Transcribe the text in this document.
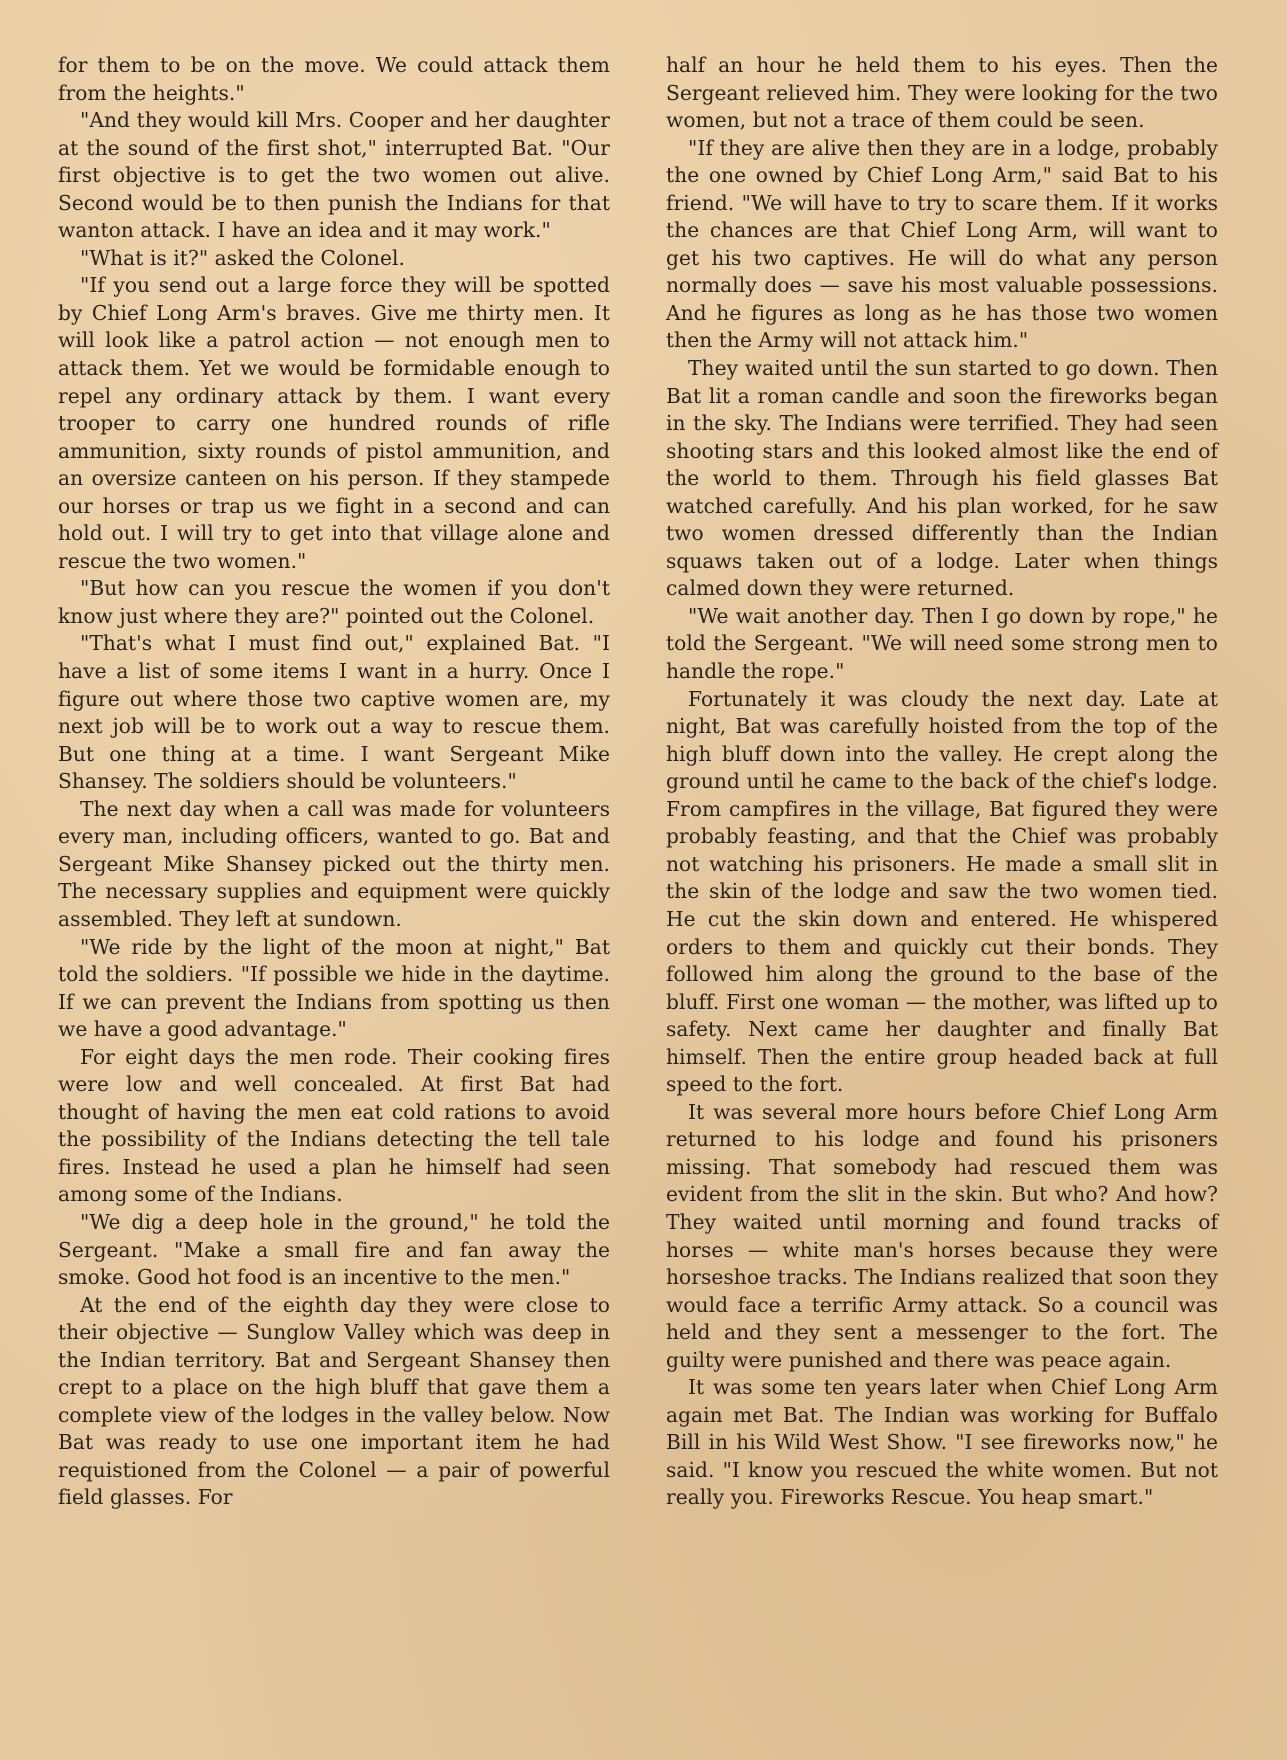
for them to be on the move. We could attack them from the heights."

"And they would kill Mrs. Cooper and her daughter at the sound of the first shot," interrupted Bat. "Our first objective is to get the two women out alive. Second would be to then punish the Indians for that wanton attack. I have an idea and it may work."

"What is it?" asked the Colonel.

"If you send out a large force they will be spotted by Chief Long Arm's braves. Give me thirty men. It will look like a patrol action — not enough men to attack them. Yet we would be formidable enough to repel any ordinary attack by them. I want every trooper to carry one hundred rounds of rifle ammunition, sixty rounds of pistol ammunition, and an oversize canteen on his person. If they stampede our horses or trap us we fight in a second and can hold out. I will try to get into that village alone and rescue the two women."

"But how can you rescue the women if you don't know just where they are?" pointed out the Colonel.

"That's what I must find out," explained Bat. "I have a list of some items I want in a hurry. Once I figure out where those two captive women are, my next job will be to work out a way to rescue them. But one thing at a time. I want Sergeant Mike Shansey. The soldiers should be volunteers."

The next day when a call was made for volunteers every man, including officers, wanted to go. Bat and Sergeant Mike Shansey picked out the thirty men. The necessary supplies and equipment were quickly assembled. They left at sundown.

"We ride by the light of the moon at night," Bat told the soldiers. "If possible we hide in the daytime. If we can prevent the Indians from spotting us then we have a good advantage."

For eight days the men rode. Their cooking fires were low and well concealed. At first Bat had thought of having the men eat cold rations to avoid the possibility of the Indians detecting the tell tale fires. Instead he used a plan he himself had seen among some of the Indians.

"We dig a deep hole in the ground," he told the Sergeant. "Make a small fire and fan away the smoke. Good hot food is an incentive to the men."

At the end of the eighth day they were close to their objective — Sunglow Valley which was deep in the Indian territory. Bat and Sergeant Shansey then crept to a place on the high bluff that gave them a complete view of the lodges in the valley below. Now Bat was ready to use one important item he had requistioned from the Colonel — a pair of powerful field glasses. For

half an hour he held them to his eyes. Then the Sergeant relieved him. They were looking for the two women, but not a trace of them could be seen.

"If they are alive then they are in a lodge, probably the one owned by Chief Long Arm," said Bat to his friend. "We will have to try to scare them. If it works the chances are that Chief Long Arm, will want to get his two captives. He will do what any person normally does — save his most valuable possessions. And he figures as long as he has those two women then the Army will not attack him."

They waited until the sun started to go down. Then Bat lit a roman candle and soon the fireworks began in the sky. The Indians were terrified. They had seen shooting stars and this looked almost like the end of the world to them. Through his field glasses Bat watched carefully. And his plan worked, for he saw two women dressed differently than the Indian squaws taken out of a lodge. Later when things calmed down they were returned.

"We wait another day. Then I go down by rope," he told the Sergeant. "We will need some strong men to handle the rope."

Fortunately it was cloudy the next day. Late at night, Bat was carefully hoisted from the top of the high bluff down into the valley. He crept along the ground until he came to the back of the chief's lodge. From campfires in the village, Bat figured they were probably feasting, and that the Chief was probably not watching his prisoners. He made a small slit in the skin of the lodge and saw the two women tied. He cut the skin down and entered. He whispered orders to them and quickly cut their bonds. They followed him along the ground to the base of the bluff. First one woman — the mother, was lifted up to safety. Next came her daughter and finally Bat himself. Then the entire group headed back at full speed to the fort.

It was several more hours before Chief Long Arm returned to his lodge and found his prisoners missing. That somebody had rescued them was evident from the slit in the skin. But who? And how? They waited until morning and found tracks of horses — white man's horses because they were horseshoe tracks. The Indians realized that soon they would face a terrific Army attack. So a council was held and they sent a messenger to the fort. The guilty were punished and there was peace again.

It was some ten years later when Chief Long Arm again met Bat. The Indian was working for Buffalo Bill in his Wild West Show. "I see fireworks now," he said. "I know you rescued the white women. But not really you. Fireworks Rescue. You heap smart."
